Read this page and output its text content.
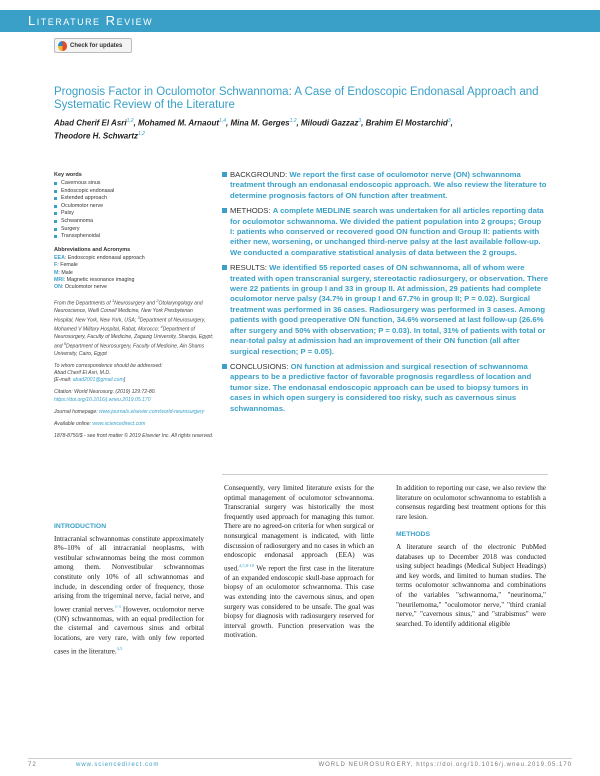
Literature Review
Check for updates
Prognosis Factor in Oculomotor Schwannoma: A Case of Endoscopic Endonasal Approach and Systematic Review of the Literature
Abad Cherif El Asri$^{1,2}$, Mohamed M. Arnaout$^{1,4}$, Mina M. Gerges$^{1,2}$, Miloudi Gazzaz$^3$, Brahim El Mostarchid$^3$,
Theodore H. Schwartz$^{1,2}$
Key words
Cavernous sinus
Endoscopic endonasal
Extended approach
Oculomotor nerve
Palsy
Schwannoma
Surgery
Transsphenoidal
Abbreviations and Acronyms
EEA: Endoscopic endonasal approach
F: Female
M: Male
MRI: Magnetic resonance imaging
ON: Oculomotor nerve

From the Departments of $^1$Neurosurgery and $^2$Otolaryngology and Neuroscience, Weill Cornell Medicine, New York Presbyterian Hospital, New York, New York, USA; $^3$Department of Neurosurgery, Mohamed V Military Hospital, Rabat, Morocco; $^4$Department of Neurosurgery, Faculty of Medicine, Zagazig University, Sharqia, Egypt; and $^5$Department of Neurosurgery, Faculty of Medicine, Ain Shams University, Cairo, Egypt

To whom correspondence should be addressed:
Abad Cherif El Asri, M.D.
[E-mail: abad2001@gmail.com]

Citation: World Neurosurg. (2019) 129:72-80.
https://doi.org/10.1016/j.wneu.2019.05.170

Journal homepage: www.journals.elsevier.com/world-neurosurgery

Available online: www.sciencedirect.com

1878-8750/$ - see front matter © 2019 Elsevier Inc. All rights reserved.

BACKGROUND: We report the first case of oculomotor nerve (ON) schwannoma treatment through an endonasal endoscopic approach. We also review the literature to determine prognosis factors of ON function after treatment.
METHODS: A complete MEDLINE search was undertaken for all articles reporting data for oculomotor schwannoma. We divided the patient population into 2 groups; Group I: patients who conserved or recovered good ON function and Group II: patients with either new, worsening, or unchanged third-nerve palsy at the last available follow-up. We conducted a comparative statistical analysis of data between the 2 groups.
RESULTS: We identified 55 reported cases of ON schwannoma, all of whom were treated with open transcranial surgery, stereotactic radiosurgery, or observation. There were 22 patients in group I and 33 in group II. At admission, 29 patients had complete oculomotor nerve palsy (34.7% in group I and 67.7% in group II; P = 0.02). Surgical treatment was performed in 36 cases. Radiosurgery was performed in 3 cases. Among patients with good preoperative ON function, 34.6% worsened at last follow-up (26.6% after surgery and 50% with observation; P = 0.03). In total, 31% of patients with total or near-total palsy at admission had an improvement of their ON function (all after surgical resection; P = 0.05).
CONCLUSIONS: ON function at admission and surgical resection of schwannoma appears to be a predictive factor of favorable prognosis regardless of location and tumor size. The endonasal endoscopic approach can be used to biopsy tumors in cases in which open surgery is considered too risky, such as cavernous sinus schwannomas.
INTRODUCTION

Intracranial schwannomas constitute approximately 8%–10% of all intracranial neoplasms, with vestibular schwannomas being the most common among them. Nonvestibular schwannomas constitute only 10% of all schwannomas and include, in descending order of frequency, those arising from the trigeminal nerve, facial nerve, and lower cranial nerves.$^{1-3}$ However, oculomotor nerve (ON) schwannomas, with an equal predilection for the cisternal and cavernous sinus and orbital locations, are very rare, with only few reported cases in the literature.$^{4,5}$

Consequently, very limited literature exists for the optimal management of oculomotor schwannoma. Transcranial surgery was historically the most frequently used approach for managing this tumor. There are no agreed-on criteria for when surgical or nonsurgical management is indicated, with little discussion of radiosurgery and no cases in which an endoscopic endonasal approach (EEA) was used.$^{4,5,8-10}$ We report the first case in the literature of an expanded endoscopic skull-base approach for biopsy of an oculomotor schwannoma. This case was extending into the cavernous sinus, and open surgery was considered to be unsafe. The goal was biopsy for diagnosis with radiosurgery reserved for interval growth. Function preservation was the motivation.

In addition to reporting our case, we also review the literature on oculomotor schwannoma to establish a consensus regarding best treatment options for this rare lesion.

METHODS

A literature search of the electronic PubMed databases up to December 2018 was conducted using subject headings (Medical Subject Headings) and key words, and limited to human studies. The terms oculomotor schwannoma and combinations of the variables "schwannoma," "neurinoma," "neurilemoma," "oculomotor nerve," "third cranial nerve," "cavernous sinus," and "strabismus" were searched. To identify additional eligible

72	www.sciencedirect.com	WORLD NEUROSURGERY, https://doi.org/10.1016/j.wneu.2019.05.170
